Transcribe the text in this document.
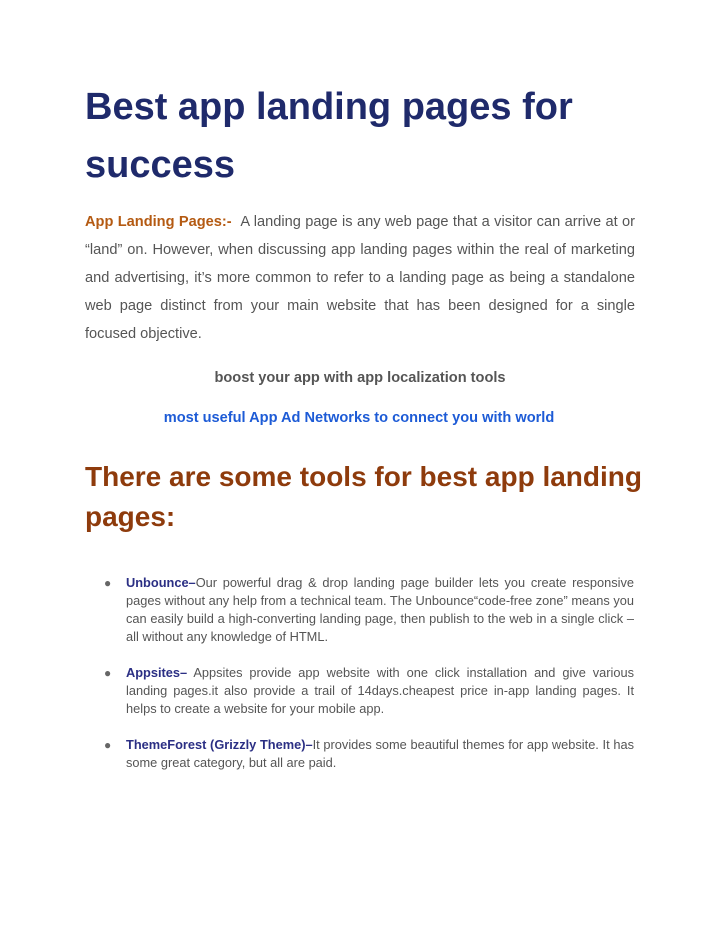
Best app landing pages for success

App Landing Pages:- A landing page is any web page that a visitor can arrive at or “land” on. However, when discussing app landing pages within the real of marketing and advertising, it’s more common to refer to a landing page as being a standalone web page distinct from your main website that has been designed for a single focused objective.

boost your app with app localization tools
most useful App Ad Networks to connect you with world
There are some tools for best app landing pages:
● Unbounce–Our powerful drag & drop landing page builder lets you create responsive pages without any help from a technical team. The Unbounce“code-free zone” means you can easily build a high-converting landing page, then publish to the web in a single click – all without any knowledge of HTML.

● Appsites– Appsites provide app website with one click installation and give various landing pages.it also provide a trail of 14days.cheapest price in-app landing pages. It helps to create a website for your mobile app.

● ThemeForest (Grizzly Theme)–It provides some beautiful themes for app website. It has some great category, but all are paid.
